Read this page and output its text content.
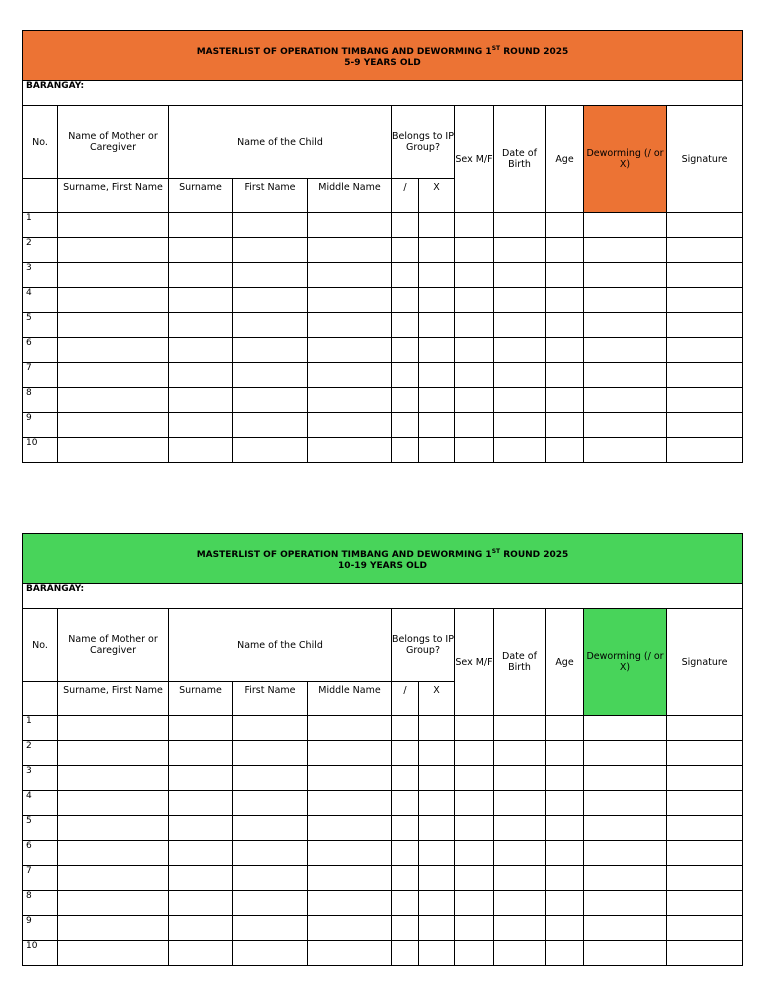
MASTERLIST OF OPERATION TIMBANG AND DEWORMING 1ST ROUND 2025
5-9 YEARS OLD											
BARANGAY:											
No.	Name of Mother or Caregiver	Name of the Child			Belongs to IP Group?		Sex M/F	Date of Birth	Age	Deworming (/ or X)	Signature
	Surname, First Name	Surname	First Name	Middle Name	/	X					
1											
2											
3											
4											
5											
6											
7											
8											
9											
10											
MASTERLIST OF OPERATION TIMBANG AND DEWORMING 1ST ROUND 2025
10-19 YEARS OLD											
BARANGAY:											
No.	Name of Mother or Caregiver	Name of the Child			Belongs to IP Group?		Sex M/F	Date of Birth	Age	Deworming (/ or X)	Signature
	Surname, First Name	Surname	First Name	Middle Name	/	X					
1											
2											
3											
4											
5											
6											
7											
8											
9											
10											
